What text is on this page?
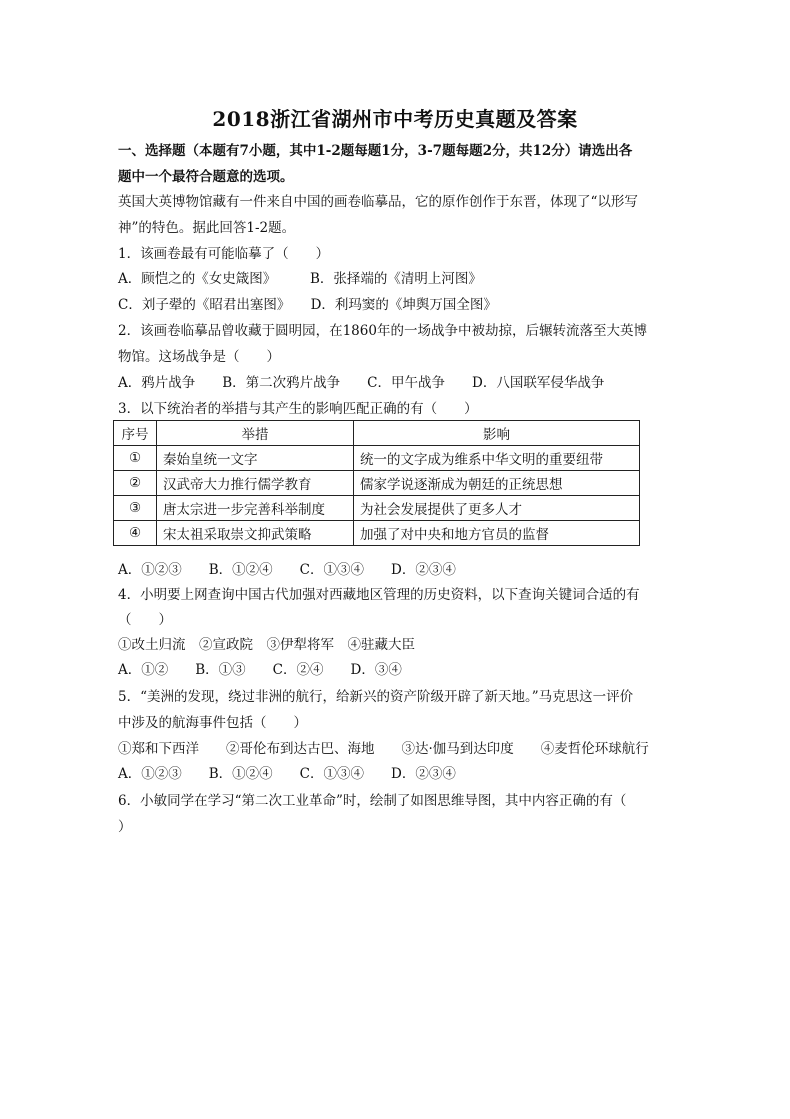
2018浙江省湖州市中考历史真题及答案
一、选择题（本题有7小题，其中1-2题每题1分，3-7题每题2分，共12分）请选出各
题中一个最符合题意的选项。
英国大英博物馆藏有一件来自中国的画卷临摹品，它的原作创作于东晋，体现了“以形写
神”的特色。据此回答1-2题。
1．该画卷最有可能临摹了（　　）
A．顾恺之的《女史箴图》　　　B．张择端的《清明上河图》
C．刘子翚的《昭君出塞图》　　D．利玛窦的《坤舆万国全图》
2．该画卷临摹品曾收藏于圆明园，在1860年的一场战争中被劫掠，后辗转流落至大英博
物馆。这场战争是（　　）
A．鸦片战争　　B．第二次鸦片战争　　C．甲午战争　　D．八国联军侵华战争
3．以下统治者的举措与其产生的影响匹配正确的有（　　）
序号	举措	影响
①	秦始皇统一文字	统一的文字成为维系中华文明的重要纽带
②	汉武帝大力推行儒学教育	儒家学说逐渐成为朝廷的正统思想
③	唐太宗进一步完善科举制度	为社会发展提供了更多人才
④	宋太祖采取崇文抑武策略	加强了对中央和地方官员的监督
A．①②③　　B．①②④　　C．①③④　　D．②③④
4．小明要上网查询中国古代加强对西藏地区管理的历史资料，以下查询关键词合适的有
（　　）
①改土归流　②宣政院　③伊犁将军　④驻藏大臣
A．①②　　B．①③　　C．②④　　D．③④
5．“美洲的发现，绕过非洲的航行，给新兴的资产阶级开辟了新天地。”马克思这一评价
中涉及的航海事件包括（　　）
①郑和下西洋　　②哥伦布到达古巴、海地　　③达·伽马到达印度　　④麦哲伦环球航行
A．①②③　　B．①②④　　C．①③④　　D．②③④
6．小敏同学在学习“第二次工业革命”时，绘制了如图思维导图，其中内容正确的有（
）
